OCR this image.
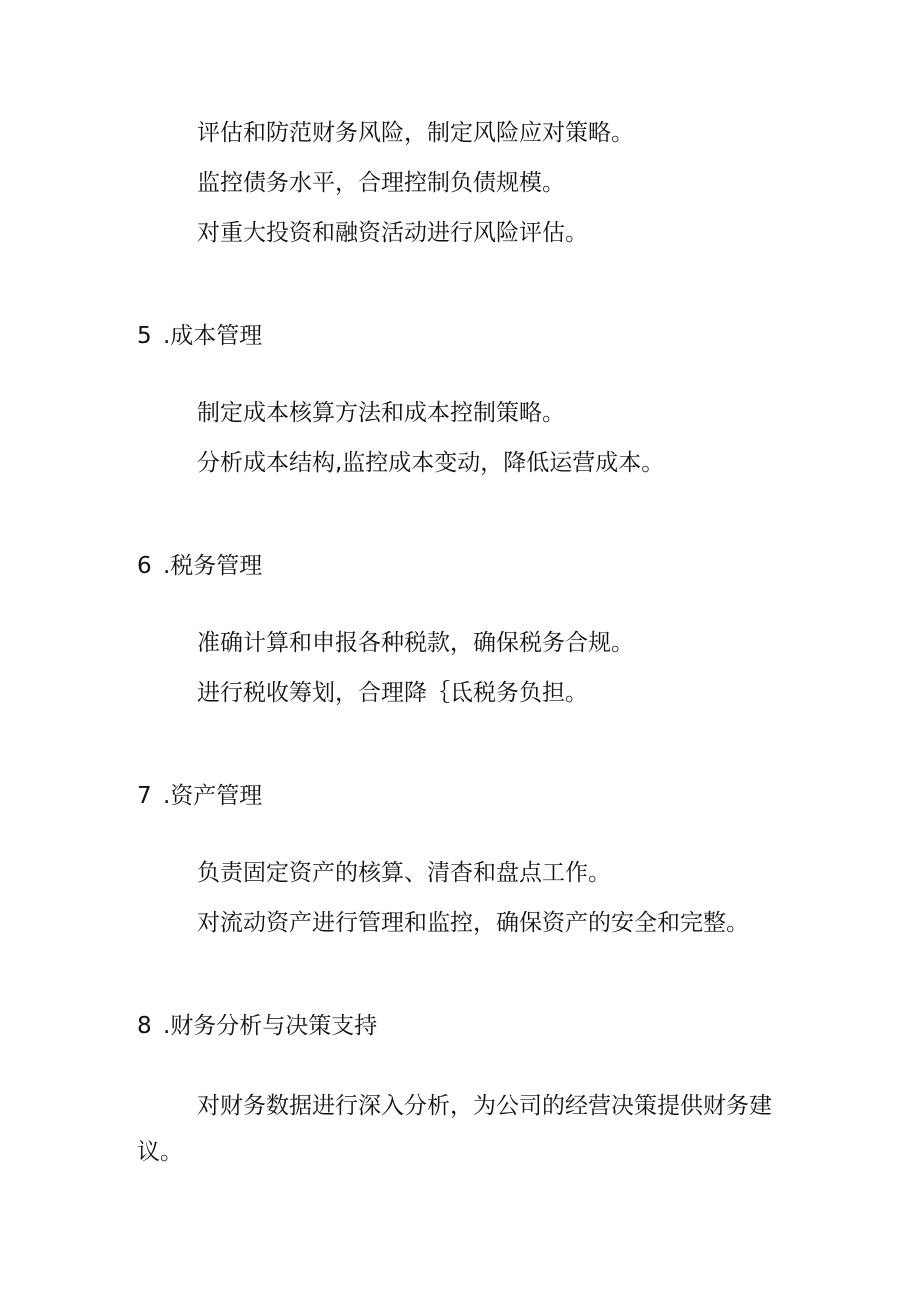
评估和防范财务风险，制定风险应对策略。
监控债务水平，合理控制负债规模。
对重大投资和融资活动进行风险评估。
5 .成本管理
制定成本核算方法和成本控制策略。
分析成本结构,监控成本变动，降低运营成本。
6 .税务管理
准确计算和申报各种税款，确保税务合规。
进行税收筹划，合理降｛氐税务负担。
7 .资产管理
负责固定资产的核算、清杳和盘点工作。
对流动资产进行管理和监控，确保资产的安全和完整。
8 .财务分析与决策支持
对财务数据进行深入分析，为公司的经营决策提供财务建议。
